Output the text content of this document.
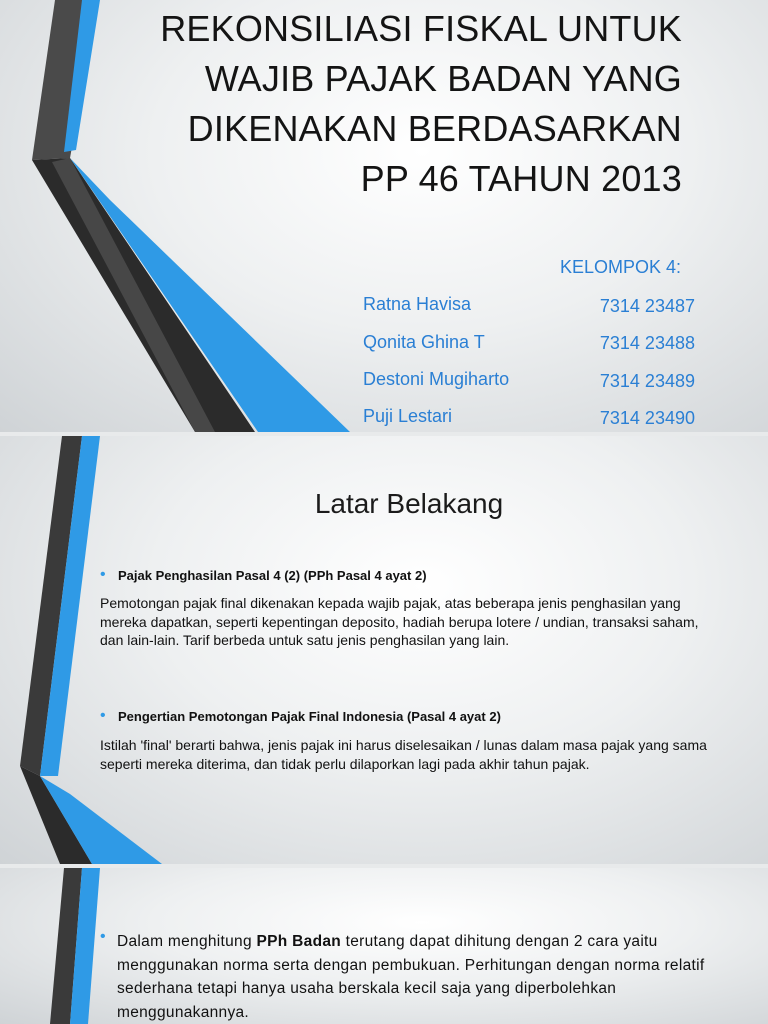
REKONSILIASI FISKAL UNTUK
WAJIB PAJAK BADAN YANG
DIKENAKAN BERDASARKAN
PP 46 TAHUN 2013
KELOMPOK 4:
Ratna Havisa	7314 23487
Qonita Ghina T	7314 23488
Destoni Mugiharto	7314 23489
Puji Lestari	7314 23490
Latar Belakang
• Pajak Penghasilan Pasal 4 (2) (PPh Pasal 4 ayat 2)
Pemotongan pajak final dikenakan kepada wajib pajak, atas beberapa jenis penghasilan yang mereka dapatkan, seperti kepentingan deposito, hadiah berupa lotere / undian, transaksi saham, dan lain-lain. Tarif berbeda untuk satu jenis penghasilan yang lain.
• Pengertian Pemotongan Pajak Final Indonesia (Pasal 4 ayat 2)
Istilah 'final' berarti bahwa, jenis pajak ini harus diselesaikan / lunas dalam masa pajak yang sama seperti mereka diterima, dan tidak perlu dilaporkan lagi pada akhir tahun pajak.
• Dalam menghitung PPh Badan terutang dapat dihitung dengan 2 cara yaitu menggunakan norma serta dengan pembukuan. Perhitungan dengan norma relatif sederhana tetapi hanya usaha berskala kecil saja yang diperbolehkan menggunakannya.
